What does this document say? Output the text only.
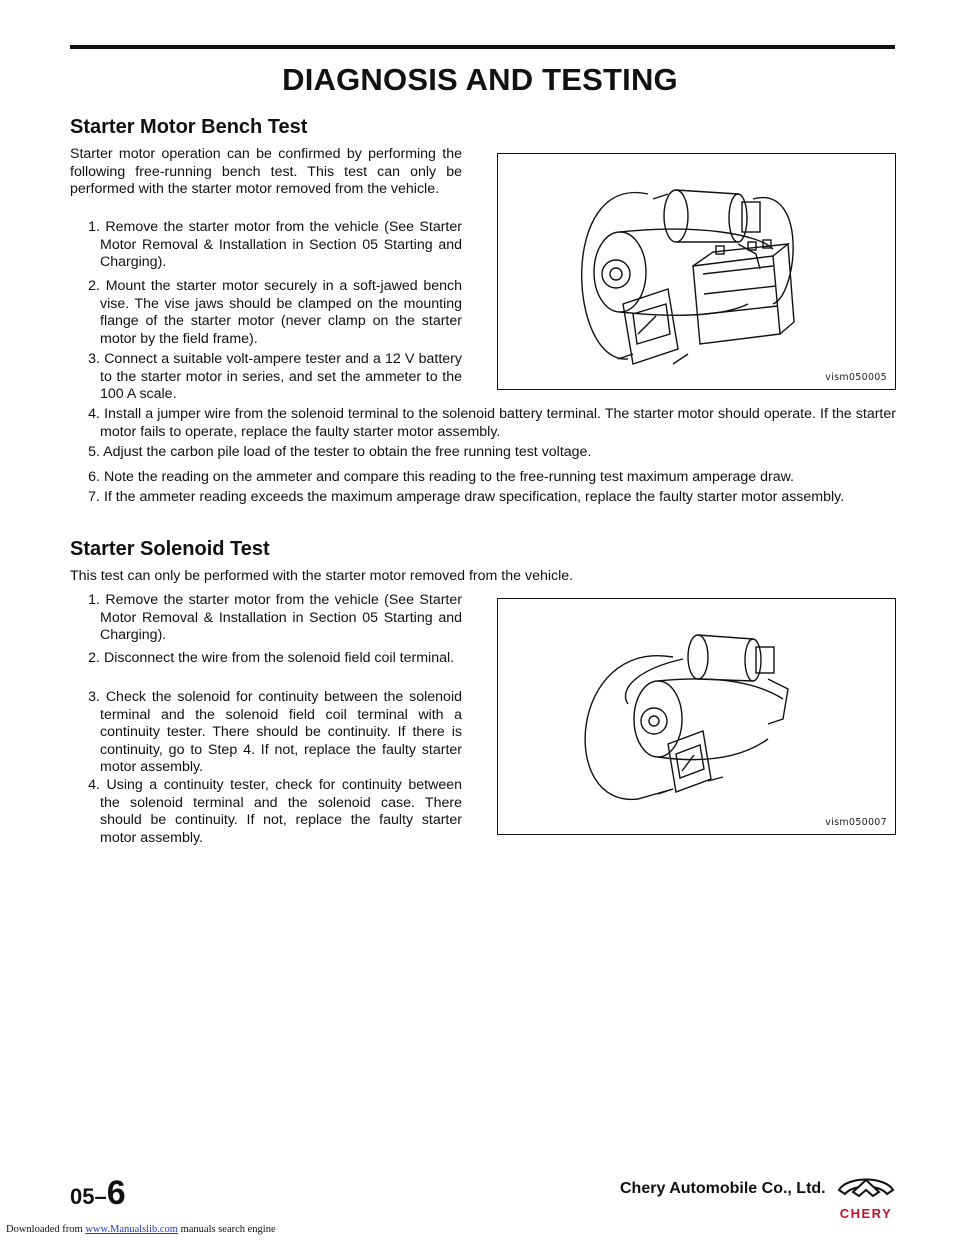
DIAGNOSIS AND TESTING
Starter Motor Bench Test

Starter motor operation can be confirmed by performing the following free-running bench test. This test can only be performed with the starter motor removed from the vehicle.

1. Remove the starter motor from the vehicle (See Starter Motor Removal & Installation in Section 05 Starting and Charging).
2. Mount the starter motor securely in a soft-jawed bench vise. The vise jaws should be clamped on the mounting flange of the starter motor (never clamp on the starter motor by the field frame).
3. Connect a suitable volt-ampere tester and a 12 V battery to the starter motor in series, and set the ammeter to the 100 A scale.
4. Install a jumper wire from the solenoid terminal to the solenoid battery terminal. The starter motor should operate. If the starter motor fails to operate, replace the faulty starter motor assembly.
5. Adjust the carbon pile load of the tester to obtain the free running test voltage.
6. Note the reading on the ammeter and compare this reading to the free-running test maximum amperage draw.
7. If the ammeter reading exceeds the maximum amperage draw specification, replace the faulty starter motor assembly.
vism050005
Starter Solenoid Test

This test can only be performed with the starter motor removed from the vehicle.

1. Remove the starter motor from the vehicle (See Starter Motor Removal & Installation in Section 05 Starting and Charging).
2. Disconnect the wire from the solenoid field coil terminal.
3. Check the solenoid for continuity between the solenoid terminal and the solenoid field coil terminal with a continuity tester. There should be continuity. If there is continuity, go to Step 4. If not, replace the faulty starter motor assembly.
4. Using a continuity tester, check for continuity between the solenoid terminal and the solenoid case. There should be continuity. If not, replace the faulty starter motor assembly.
vism050007
05–6	Chery Automobile Co., Ltd.
CHERY
Downloaded from www.Manualslib.com manuals search engine
